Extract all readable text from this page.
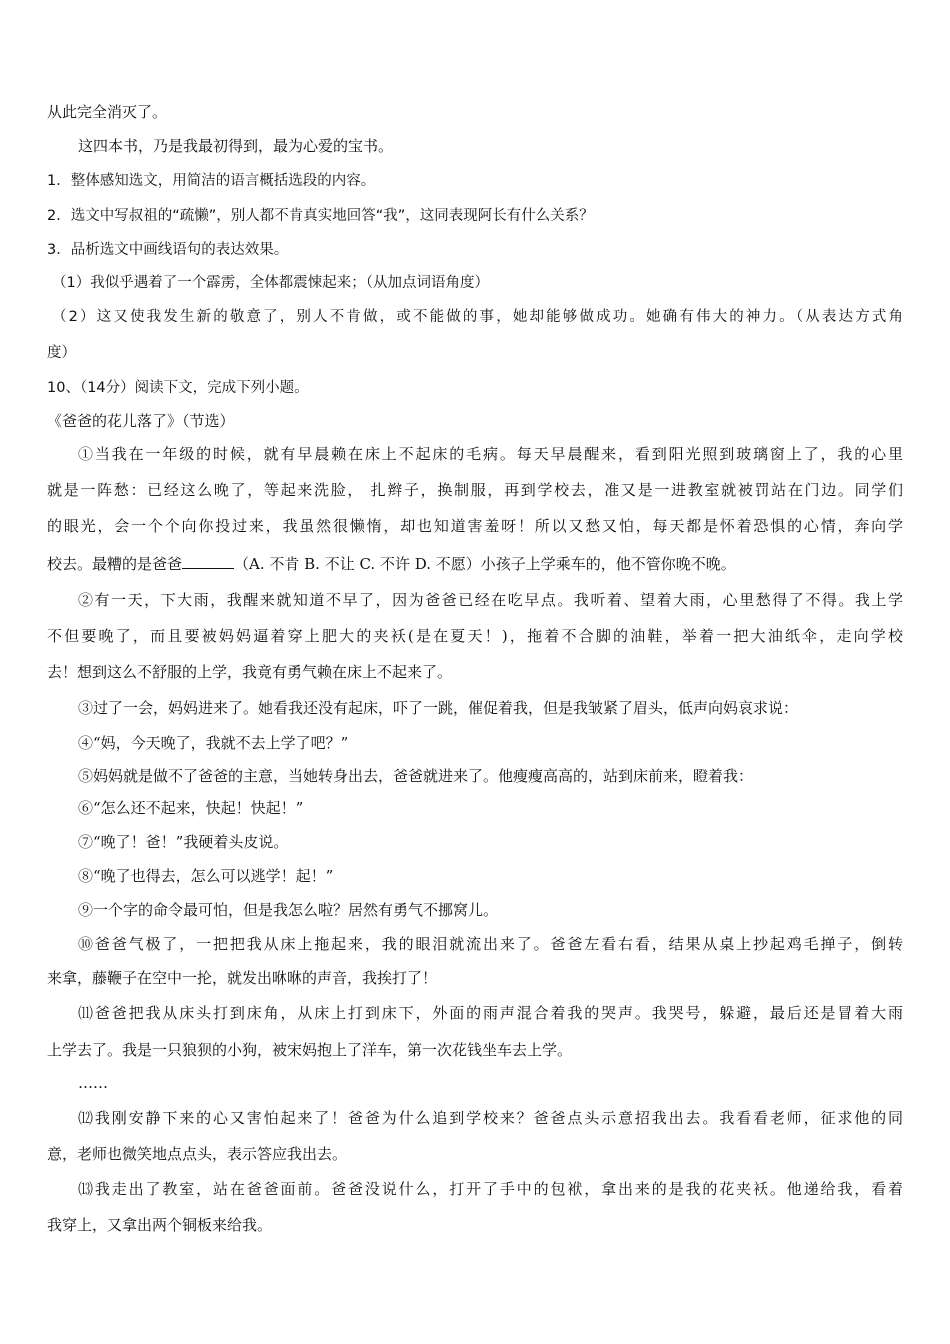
从此完全消灭了。
这四本书，乃是我最初得到，最为心爱的宝书。
1．整体感知选文，用简洁的语言概括选段的内容。
2．选文中写叔祖的“疏懒”，别人都不肯真实地回答“我”，这同表现阿长有什么关系？
3．品析选文中画线语句的表达效果。
（1）我似乎遇着了一个霹雳，全体都震悚起来；（从加点词语角度）
（2）这又使我发生新的敬意了，别人不肯做，或不能做的事，她却能够做成功。她确有伟大的神力。（从表达方式角
度）
10、（14分）阅读下文，完成下列小题。
《爸爸的花儿落了》（节选）
①当我在一年级的时候，就有早晨赖在床上不起床的毛病。每天早晨醒来，看到阳光照到玻璃窗上了，我的心里
就是一阵愁：已经这么晚了，等起来洗脸， 扎辫子，换制服，再到学校去，准又是一进教室就被罚站在门边。同学们
的眼光，会一个个向你投过来，我虽然很懒惰，却也知道害羞呀！所以又愁又怕，每天都是怀着恐惧的心情，奔向学
校去。最糟的是爸爸	（A. 不肯 B. 不让 C. 不许 D. 不愿）小孩子上学乘车的，他不管你晚不晚。
②有一天，下大雨，我醒来就知道不早了，因为爸爸已经在吃早点。我听着、望着大雨，心里愁得了不得。我上学
不但要晚了，而且要被妈妈逼着穿上肥大的夹袄(是在夏天！)，拖着不合脚的油鞋，举着一把大油纸伞，走向学校
去！想到这么不舒服的上学，我竟有勇气赖在床上不起来了。
③过了一会，妈妈进来了。她看我还没有起床，吓了一跳，催促着我，但是我皱紧了眉头，低声向妈哀求说：
④“妈，今天晚了，我就不去上学了吧？”
⑤妈妈就是做不了爸爸的主意，当她转身出去，爸爸就进来了。他瘦瘦高高的，站到床前来，瞪着我：
⑥“怎么还不起来，快起！快起！”
⑦“晚了！爸！”我硬着头皮说。
⑧“晚了也得去，怎么可以逃学！起！”
⑨一个字的命令最可怕，但是我怎么啦？居然有勇气不挪窝儿。
⑩爸爸气极了，一把把我从床上拖起来，我的眼泪就流出来了。爸爸左看右看，结果从桌上抄起鸡毛掸子，倒转
来拿，藤鞭子在空中一抡，就发出咻咻的声音，我挨打了！
⑾爸爸把我从床头打到床角，从床上打到床下，外面的雨声混合着我的哭声。我哭号，躲避，最后还是冒着大雨
上学去了。我是一只狼狈的小狗，被宋妈抱上了洋车，第一次花钱坐车去上学。
……
⑿我刚安静下来的心又害怕起来了！爸爸为什么追到学校来？爸爸点头示意招我出去。我看看老师，征求他的同
意，老师也微笑地点点头，表示答应我出去。
⒀我走出了教室，站在爸爸面前。爸爸没说什么，打开了手中的包袱，拿出来的是我的花夹袄。他递给我，看着
我穿上，又拿出两个铜板来给我。
